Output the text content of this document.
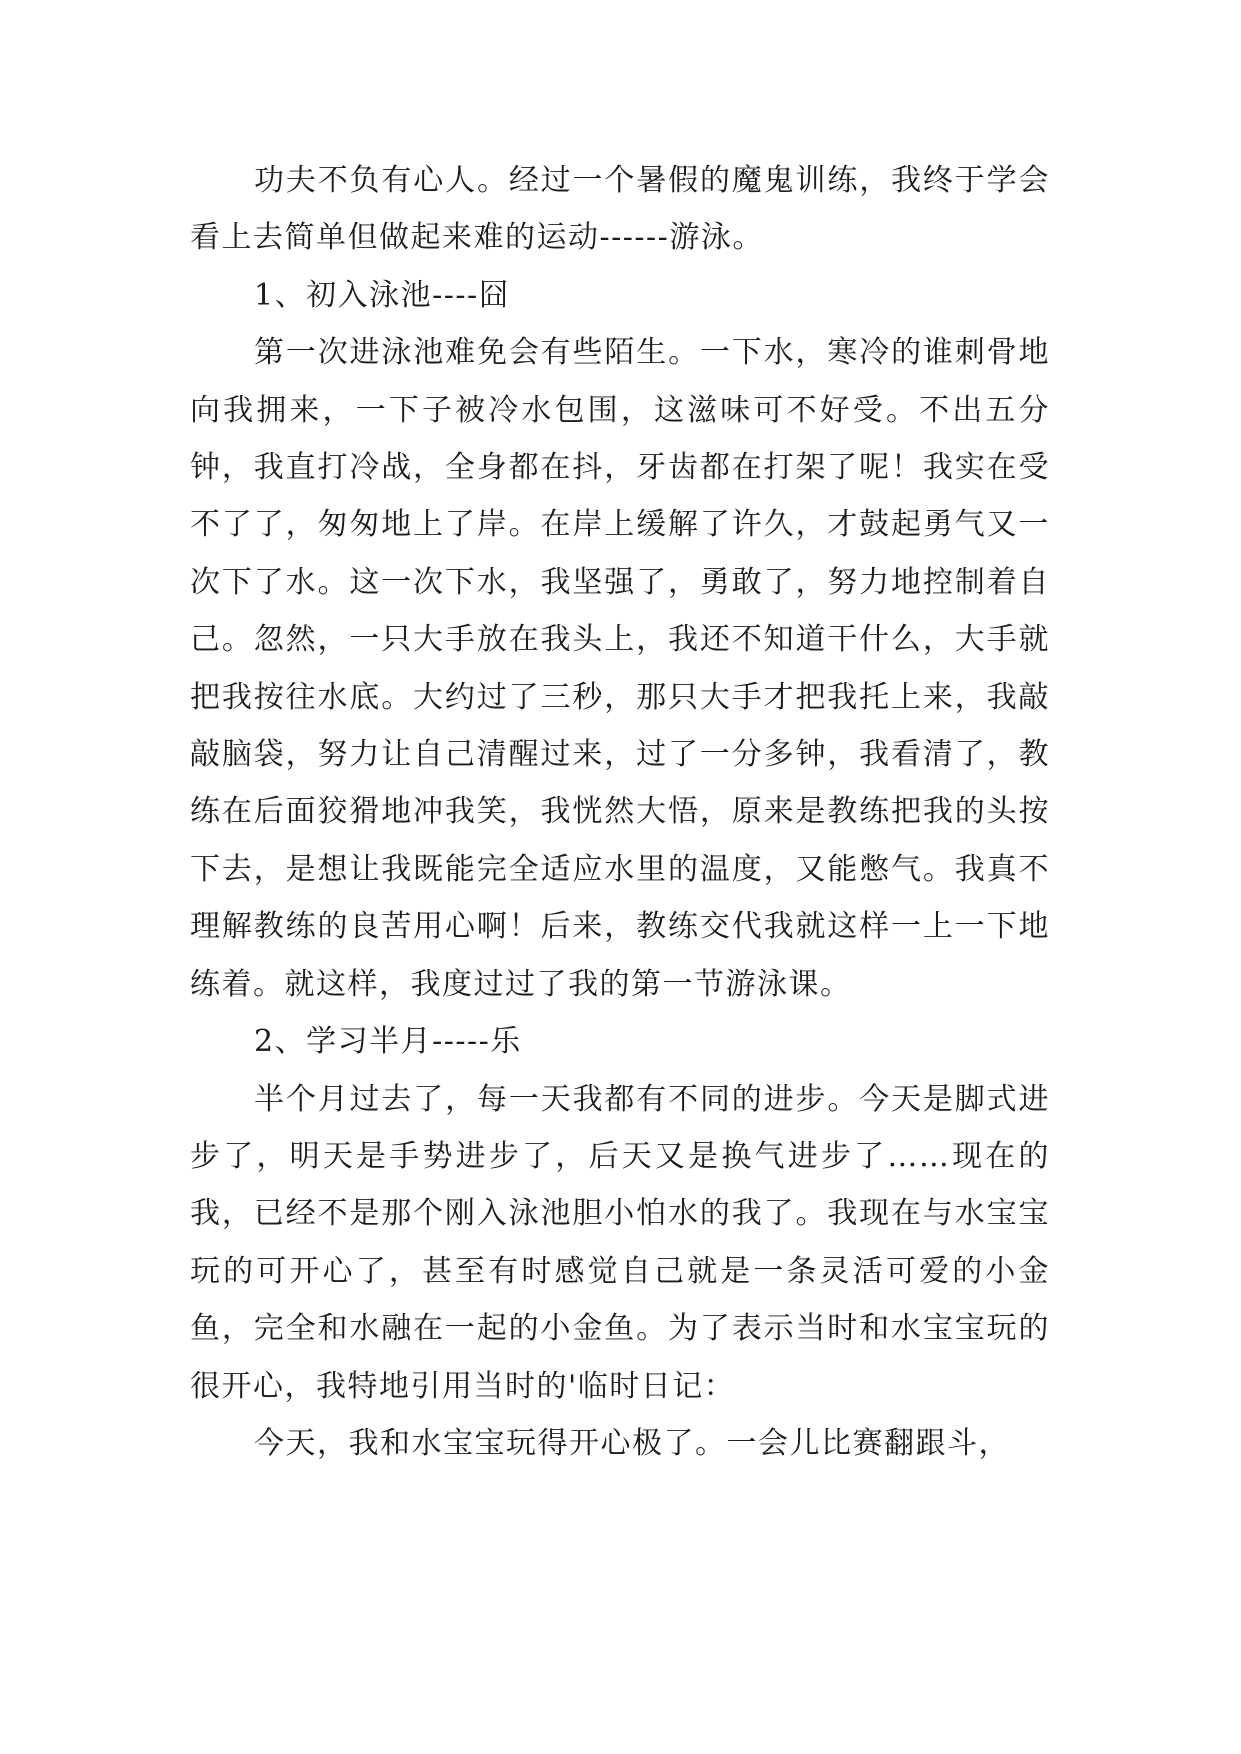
功夫不负有心人。经过一个暑假的魔鬼训练，我终于学会看上去简单但做起来难的运动------游泳。

1、初入泳池----囧

第一次进泳池难免会有些陌生。一下水，寒冷的谁刺骨地向我拥来，一下子被冷水包围，这滋味可不好受。不出五分钟，我直打冷战，全身都在抖，牙齿都在打架了呢！我实在受不了了，匆匆地上了岸。在岸上缓解了许久，才鼓起勇气又一次下了水。这一次下水，我坚强了，勇敢了，努力地控制着自己。忽然，一只大手放在我头上，我还不知道干什么，大手就把我按往水底。大约过了三秒，那只大手才把我托上来，我敲敲脑袋，努力让自己清醒过来，过了一分多钟，我看清了，教练在后面狡猾地冲我笑，我恍然大悟，原来是教练把我的头按下去，是想让我既能完全适应水里的温度，又能憋气。我真不理解教练的良苦用心啊！后来，教练交代我就这样一上一下地练着。就这样，我度过过了我的第一节游泳课。

2、学习半月-----乐

半个月过去了，每一天我都有不同的进步。今天是脚式进步了，明天是手势进步了，后天又是换气进步了……现在的我，已经不是那个刚入泳池胆小怕水的我了。我现在与水宝宝玩的可开心了，甚至有时感觉自己就是一条灵活可爱的小金鱼，完全和水融在一起的小金鱼。为了表示当时和水宝宝玩的很开心，我特地引用当时的'临时日记：

今天，我和水宝宝玩得开心极了。一会儿比赛翻跟斗，
